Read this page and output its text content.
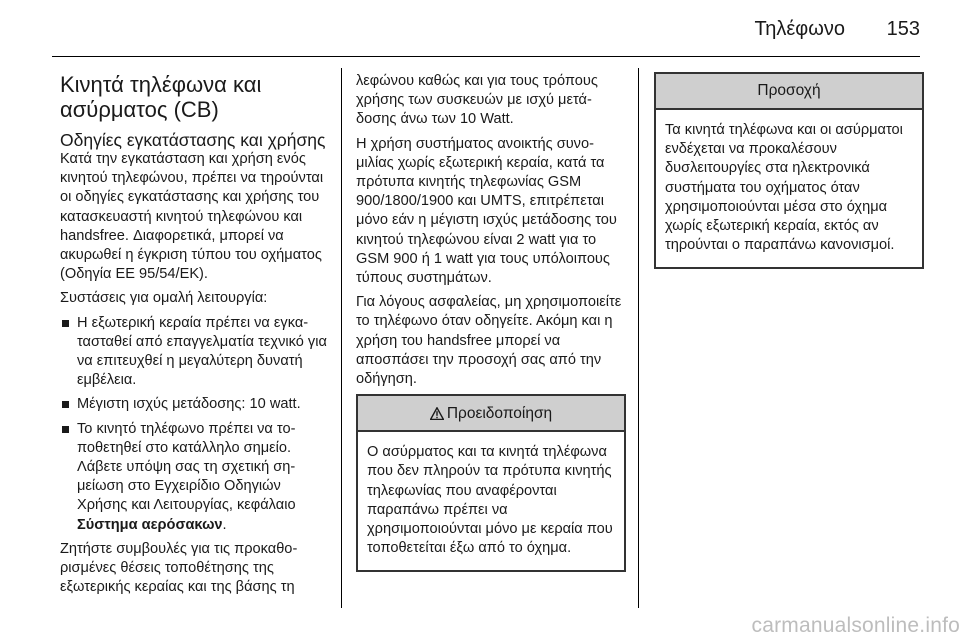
Τηλέφωνο 153
Κινητά τηλέφωνα και ασύρματος (CB)
Οδηγίες εγκατάστασης και χρήσης

Κατά την εγκατάσταση και χρήση ενός κινητού τηλεφώνου, πρέπει να τηρούνται οι οδηγίες εγκατάστασης και χρήσης του κατασκευαστή κινητού τηλεφώνου και handsfree. Διαφορετικά, μπορεί να ακυρωθεί η έγκριση τύπου του οχήματος (Οδηγία ΕΕ 95/54/ΕΚ).

Συστάσεις για ομαλή λειτουργία:

Η εξωτερική κεραία πρέπει να εγκατασταθεί από επαγγελματία τεχνικό για να επιτευχθεί η μεγαλύτερη δυνατή εμβέλεια.
Μέγιστη ισχύς μετάδοσης: 10 watt.
Το κινητό τηλέφωνο πρέπει να τοποθετηθεί στο κατάλληλο σημείο. Λάβετε υπόψη σας τη σχετική σημείωση στο Εγχειρίδιο Οδηγιών Χρήσης και Λειτουργίας, κεφάλαιο Σύστημα αερόσακων.

Ζητήστε συμβουλές για τις προκαθορισμένες θέσεις τοποθέτησης της εξωτερικής κεραίας και της βάσης τη

λεφώνου καθώς και για τους τρόπους χρήσης των συσκευών με ισχύ μετάδοσης άνω των 10 Watt.

Η χρήση συστήματος ανοικτής συνομιλίας χωρίς εξωτερική κεραία, κατά τα πρότυπα κινητής τηλεφωνίας GSM 900/1800/1900 και UMTS, επιτρέπεται μόνο εάν η μέγιστη ισχύς μετάδοσης του κινητού τηλεφώνου είναι 2 watt για το GSM 900 ή 1 watt για τους υπόλοιπους τύπους συστημάτων.

Για λόγους ασφαλείας, μη χρησιμοποιείτε το τηλέφωνο όταν οδηγείτε. Ακόμη και η χρήση του handsfree μπορεί να αποσπάσει την προσοχή σας από την οδήγηση.

Προειδοποίηση
Ο ασύρματος και τα κινητά τηλέφωνα που δεν πληρούν τα πρότυπα κινητής τηλεφωνίας που αναφέρονται παραπάνω πρέπει να χρησιμοποιούνται μόνο με κεραία που τοποθετείται έξω από το όχημα.
Προσοχή
Τα κινητά τηλέφωνα και οι ασύρματοι ενδέχεται να προκαλέσουν δυσλειτουργίες στα ηλεκτρονικά συστήματα του οχήματος όταν χρησιμοποιούνται μέσα στο όχημα χωρίς εξωτερική κεραία, εκτός αν τηρούνται ο παραπάνω κανονισμοί.
carmanualsonline.info
